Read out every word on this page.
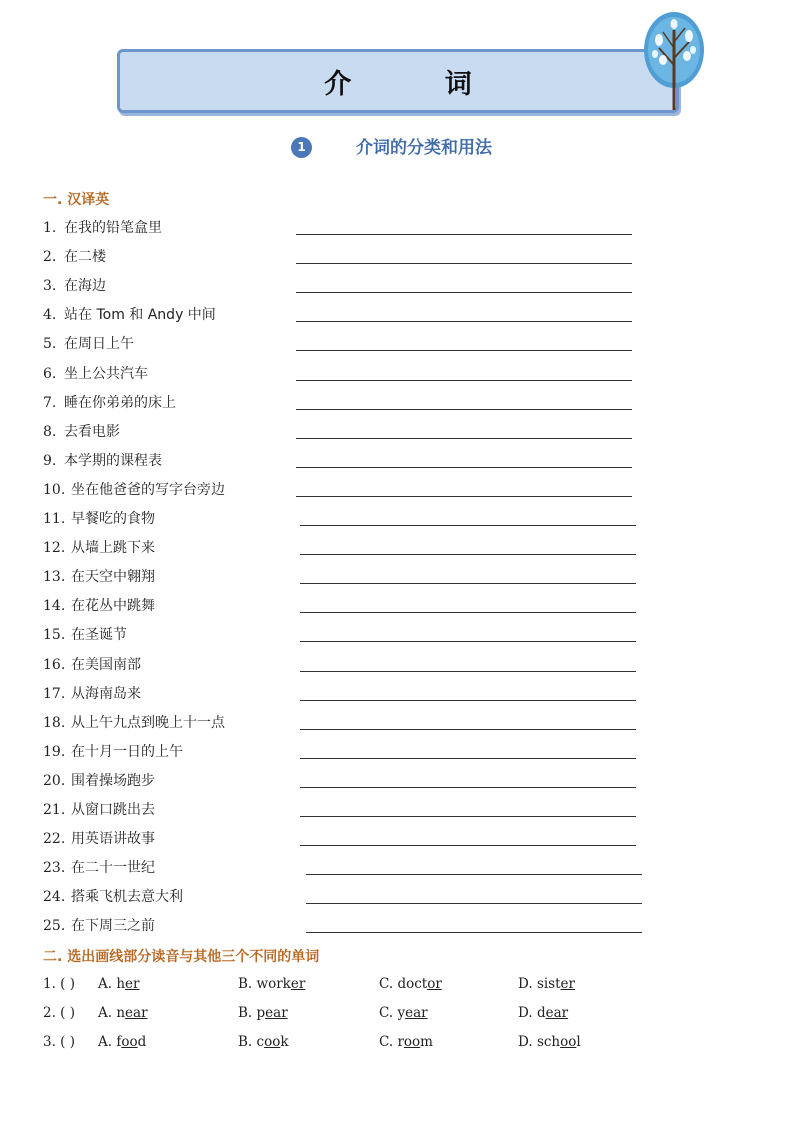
介 词
1	介词的分类和用法
一. 汉译英
1. 在我的铅笔盒里
2. 在二楼
3. 在海边
4. 站在 Tom 和 Andy 中间
5. 在周日上午
6. 坐上公共汽车
7. 睡在你弟弟的床上
8. 去看电影
9. 本学期的课程表
10. 坐在他爸爸的写字台旁边
11. 早餐吃的食物
12. 从墙上跳下来
13. 在天空中翱翔
14. 在花丛中跳舞
15. 在圣诞节
16. 在美国南部
17. 从海南岛来
18. 从上午九点到晚上十一点
19. 在十月一日的上午
20. 围着操场跑步
21. 从窗口跳出去
22. 用英语讲故事
23. 在二十一世纪
24. 搭乘飞机去意大利
25. 在下周三之前
二. 选出画线部分读音与其他三个不同的单词
1. ( ) A. her	B. worker	C. doctor	D. sister
2. ( ) A. near	B. pear	C. year	D. dear
3. ( ) A. food	B. cook	C. room	D. school
